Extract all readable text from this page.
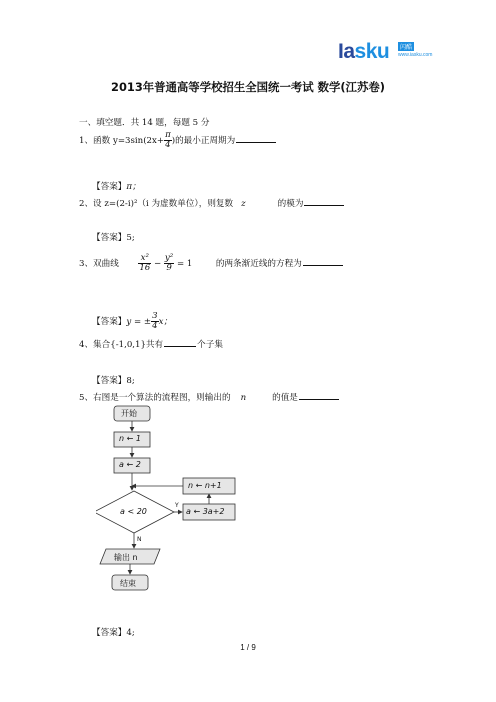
Iasku	闪酷
www.iasku.com
2013年普通高等学校招生全国统一考试 数学(江苏卷)
一、填空题．共 14 题，每题 5 分
1、函数 $y=3\sin(2x+ \frac{\pi}{4}$ )的最小正周期为
【答案】π；
2、设 z=(2-i)²（i 为虚数单位），则复数 z	的模为
【答案】5;
3、双曲线 $\frac{\text{x²}}{16} - \frac{\text{y²}}{9} = 1$	的两条渐近线的方程为
【答案】y = ± $\frac{3}{4}$ x；
4、集合{-1,0,1}共有	个子集
【答案】8;
5、右图是一个算法的流程图，则输出的 n	的值是
开始
n ← 1
a ← 2
a < 20
Y
N
n ← n+1
a ← 3a+2
输出 n
结束
【答案】4;
1 / 9
